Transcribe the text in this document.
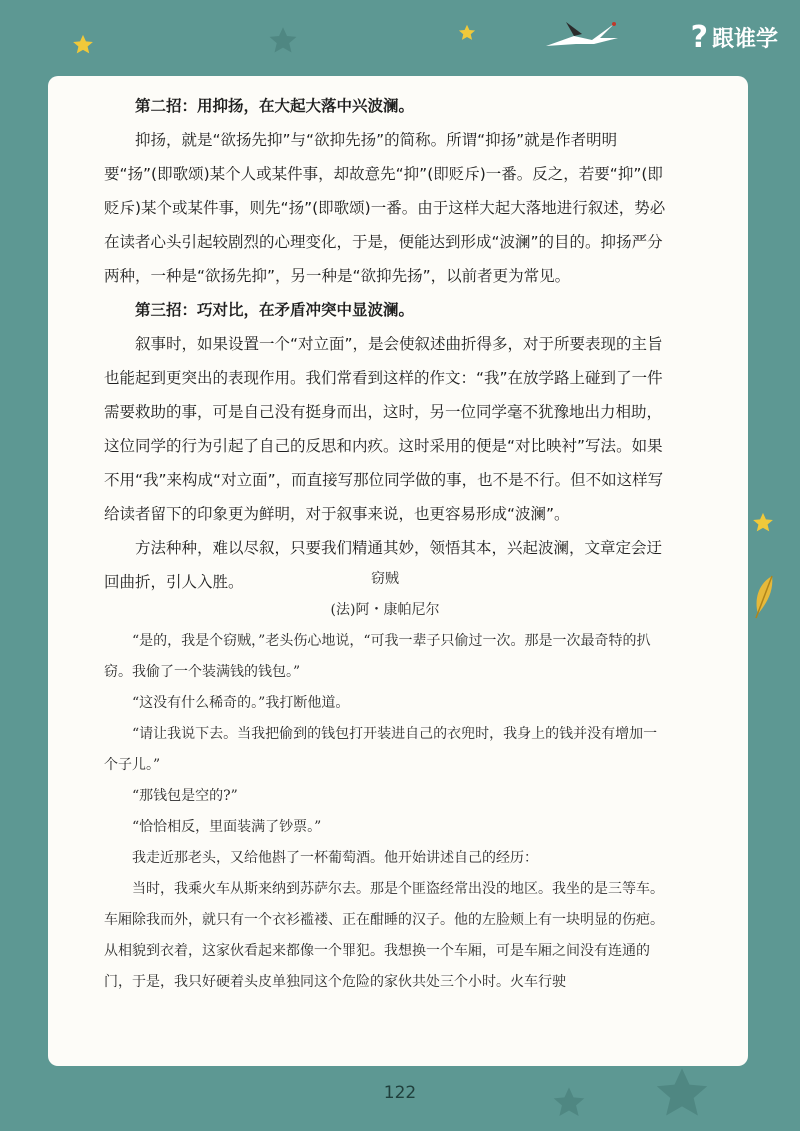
? 跟谁学

第二招：用抑扬，在大起大落中兴波澜。

抑扬，就是“欲扬先抑”与“欲抑先扬”的简称。所谓“抑扬”就是作者明明要“扬”(即歌颂)某个人或某件事，却故意先“抑”(即贬斥)一番。反之，若要“抑”(即贬斥)某个或某件事，则先“扬”(即歌颂)一番。由于这样大起大落地进行叙述，势必在读者心头引起较剧烈的心理变化，于是，便能达到形成“波澜”的目的。抑扬严分两种，一种是“欲扬先抑”，另一种是“欲抑先扬”，以前者更为常见。

第三招：巧对比，在矛盾冲突中显波澜。

叙事时，如果设置一个“对立面”，是会使叙述曲折得多，对于所要表现的主旨也能起到更突出的表现作用。我们常看到这样的作文：“我”在放学路上碰到了一件需要救助的事，可是自己没有挺身而出，这时，另一位同学毫不犹豫地出力相助，这位同学的行为引起了自己的反思和内疚。这时采用的便是“对比映衬”写法。如果不用“我”来构成“对立面”，而直接写那位同学做的事，也不是不行。但不如这样写给读者留下的印象更为鲜明，对于叙事来说，也更容易形成“波澜”。

方法种种，难以尽叙，只要我们精通其妙，领悟其本，兴起波澜，文章定会迂回曲折，引人入胜。	窃贼

(法)阿・康帕尼尔

“是的，我是个窃贼，”老头伤心地说，“可我一辈子只偷过一次。那是一次最奇特的扒窃。我偷了一个装满钱的钱包。”

“这没有什么稀奇的。”我打断他道。

“请让我说下去。当我把偷到的钱包打开装进自己的衣兜时，我身上的钱并没有增加一个子儿。”

“那钱包是空的?”

“恰恰相反，里面装满了钞票。”

我走近那老头，又给他斟了一杯葡萄酒。他开始讲述自己的经历：

当时，我乘火车从斯来纳到苏萨尔去。那是个匪盗经常出没的地区。我坐的是三等车。车厢除我而外，就只有一个衣衫褴褛、正在酣睡的汉子。他的左脸颊上有一块明显的伤疤。从相貌到衣着，这家伙看起来都像一个罪犯。我想换一个车厢，可是车厢之间没有连通的门，于是，我只好硬着头皮单独同这个危险的家伙共处三个小时。火车行驶

122
